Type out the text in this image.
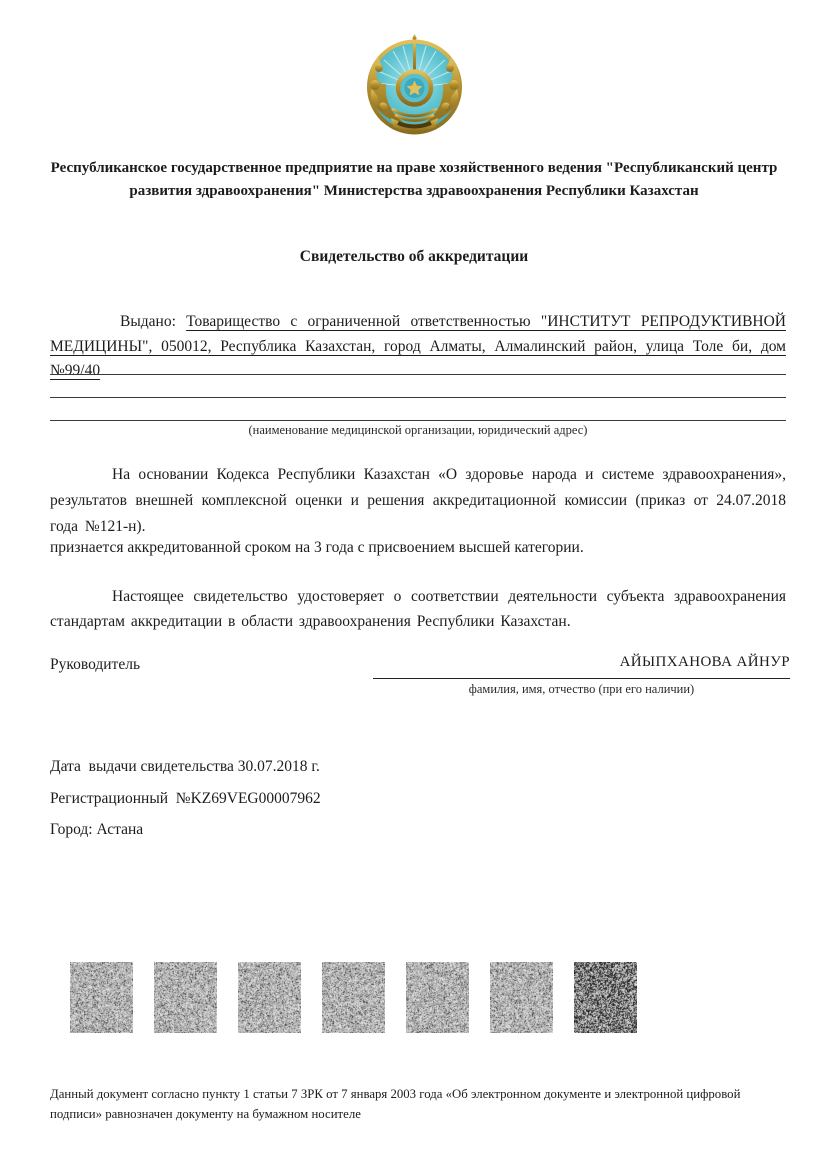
Республиканское государственное предприятие на праве хозяйственного ведения "Республиканский центр развития здравоохранения" Министерства здравоохранения Республики Казахстан
Свидетельство об аккредитации
Выдано: Товарищество с ограниченной ответственностью "ИНСТИТУТ РЕПРОДУКТИВНОЙ МЕДИЦИНЫ", 050012, Республика Казахстан, город Алматы, Алмалинский район, улица Толе би, дом №99/40
(наименование медицинской организации, юридический адрес)
На основании Кодекса Республики Казахстан «О здоровье народа и системе здравоохранения», результатов внешней комплексной оценки и решения аккредитационной комиссии (приказ от 24.07.2018 года №121-н).
признается аккредитованной сроком на 3 года с присвоением высшей категории.
Настоящее свидетельство удостоверяет о соответствии деятельности субъекта здравоохранения стандартам аккредитации в области здравоохранения Республики Казахстан.
Руководитель	АЙЫПХАНОВА АЙНУР
фамилия, имя, отчество (при его наличии)
Дата  выдачи свидетельства 30.07.2018 г.
Регистрационный  №KZ69VEG00007962
Город: Астана
Данный документ согласно пункту 1 статьи 7 ЗРК от 7 января 2003 года «Об электронном документе и электронной цифровой подписи» равнозначен документу на бумажном носителе
